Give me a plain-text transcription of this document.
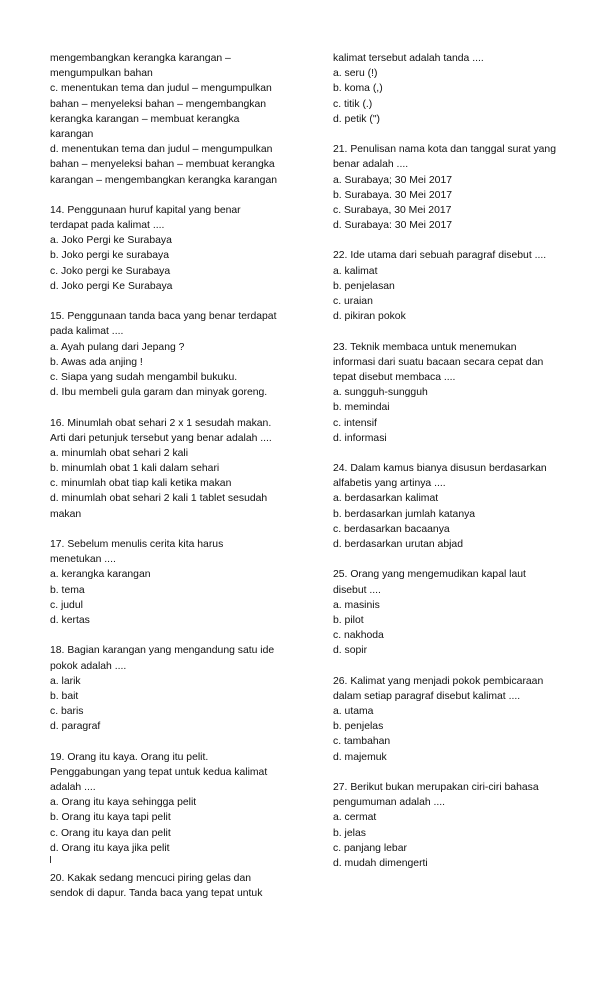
mengembangkan kerangka karangan –
mengumpulkan bahan
c. menentukan tema dan judul – mengumpulkan
bahan – menyeleksi bahan – mengembangkan
kerangka karangan – membuat kerangka
karangan
d. menentukan tema dan judul – mengumpulkan
bahan – menyeleksi bahan – membuat kerangka
karangan – mengembangkan kerangka karangan
14. Penggunaan huruf kapital yang benar
terdapat pada kalimat ....
a. Joko Pergi ke Surabaya
b. Joko pergi ke surabaya
c. Joko pergi ke Surabaya
d. Joko pergi Ke Surabaya
15. Penggunaan tanda baca yang benar terdapat
pada kalimat ....
a. Ayah pulang dari Jepang ?
b. Awas ada anjing !
c. Siapa yang sudah mengambil bukuku.
d. Ibu membeli gula garam dan minyak goreng.
16. Minumlah obat sehari 2 x 1 sesudah makan.
Arti dari petunjuk tersebut yang benar adalah ....
a. minumlah obat sehari 2 kali
b. minumlah obat 1 kali dalam sehari
c. minumlah obat tiap kali ketika makan
d. minumlah obat sehari 2 kali 1 tablet sesudah
makan
17. Sebelum menulis cerita kita harus
menetukan ....
a. kerangka karangan
b. tema
c. judul
d. kertas
18. Bagian karangan yang mengandung satu ide
pokok adalah ....
a. larik
b. bait
c. baris
d. paragraf
19. Orang itu kaya. Orang itu pelit.
Penggabungan yang tepat untuk kedua kalimat
adalah ....
a. Orang itu kaya sehingga pelit
b. Orang itu kaya tapi pelit
c. Orang itu kaya dan pelit
d. Orang itu kaya jika pelit
20. Kakak sedang mencuci piring gelas dan
sendok di dapur. Tanda baca yang tepat untuk
kalimat tersebut adalah tanda ....
a. seru (!)
b. koma (,)
c. titik (.)
d. petik (")
21. Penulisan nama kota dan tanggal surat yang
benar adalah ....
a. Surabaya; 30 Mei 2017
b. Surabaya. 30 Mei 2017
c. Surabaya, 30 Mei 2017
d. Surabaya: 30 Mei 2017
22. Ide utama dari sebuah paragraf disebut ....
a. kalimat
b. penjelasan
c. uraian
d. pikiran pokok
23. Teknik membaca untuk menemukan
informasi dari suatu bacaan secara cepat dan
tepat disebut membaca ....
a. sungguh-sungguh
b. memindai
c. intensif
d. informasi
24. Dalam kamus bianya disusun berdasarkan
alfabetis yang artinya ....
a. berdasarkan kalimat
b. berdasarkan jumlah katanya
c. berdasarkan bacaanya
d. berdasarkan urutan abjad
25. Orang yang mengemudikan kapal laut
disebut ....
a. masinis
b. pilot
c. nakhoda
d. sopir
26. Kalimat yang menjadi pokok pembicaraan
dalam setiap paragraf disebut kalimat ....
a. utama
b. penjelas
c. tambahan
d. majemuk
27. Berikut bukan merupakan ciri-ciri bahasa
pengumuman adalah ....
a. cermat
b. jelas
c. panjang lebar
d. mudah dimengerti
